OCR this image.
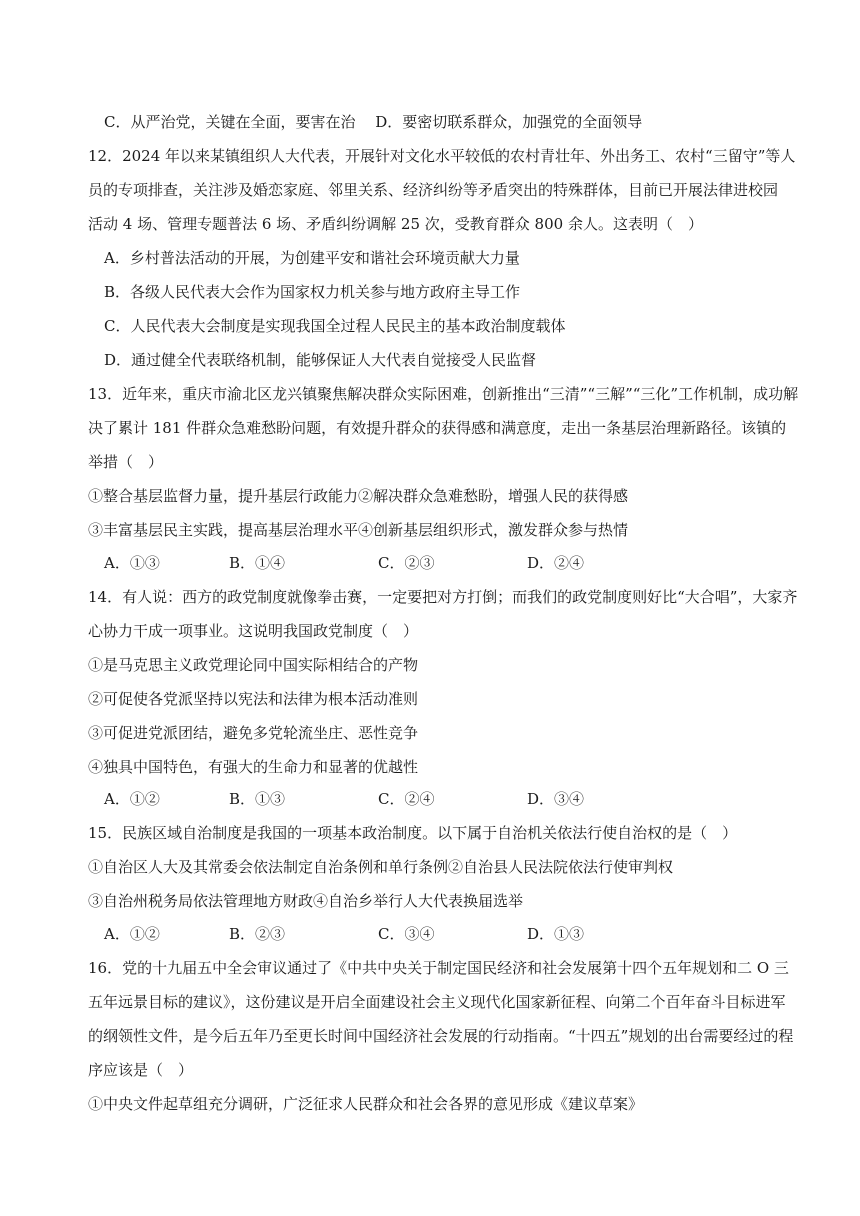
C．从严治党，关键在全面，要害在治　 D．要密切联系群众，加强党的全面领导
12．2024 年以来某镇组织人大代表，开展针对文化水平较低的农村青壮年、外出务工、农村“三留守”等人
员的专项排查，关注涉及婚恋家庭、邻里关系、经济纠纷等矛盾突出的特殊群体，目前已开展法律进校园
活动 4 场、管理专题普法 6 场、矛盾纠纷调解 25 次，受教育群众 800 余人。这表明（　）
A．乡村普法活动的开展，为创建平安和谐社会环境贡献大力量
B．各级人民代表大会作为国家权力机关参与地方政府主导工作
C．人民代表大会制度是实现我国全过程人民民主的基本政治制度载体
D．通过健全代表联络机制，能够保证人大代表自觉接受人民监督
13．近年来，重庆市渝北区龙兴镇聚焦解决群众实际困难，创新推出“三清”“三解”“三化”工作机制，成功解
决了累计 181 件群众急难愁盼问题，有效提升群众的获得感和满意度，走出一条基层治理新路径。该镇的
举措（　）
①整合基层监督力量，提升基层行政能力②解决群众急难愁盼，增强人民的获得感
③丰富基层民主实践，提高基层治理水平④创新基层组织形式，激发群众参与热情
A．①③	B．①④	C．②③	D．②④
14．有人说：西方的政党制度就像拳击赛，一定要把对方打倒；而我们的政党制度则好比“大合唱”，大家齐
心协力干成一项事业。这说明我国政党制度（　）
①是马克思主义政党理论同中国实际相结合的产物
②可促使各党派坚持以宪法和法律为根本活动准则
③可促进党派团结，避免多党轮流坐庄、恶性竞争
④独具中国特色，有强大的生命力和显著的优越性
A．①②	B．①③	C．②④	D．③④
15．民族区域自治制度是我国的一项基本政治制度。以下属于自治机关依法行使自治权的是（　）
①自治区人大及其常委会依法制定自治条例和单行条例②自治县人民法院依法行使审判权
③自治州税务局依法管理地方财政④自治乡举行人大代表换届选举
A．①②	B．②③	C．③④	D．①③
16．党的十九届五中全会审议通过了《中共中央关于制定国民经济和社会发展第十四个五年规划和二 O 三
五年远景目标的建议》，这份建议是开启全面建设社会主义现代化国家新征程、向第二个百年奋斗目标进军
的纲领性文件，是今后五年乃至更长时间中国经济社会发展的行动指南。“十四五”规划的出台需要经过的程
序应该是（　）
①中央文件起草组充分调研，广泛征求人民群众和社会各界的意见形成《建议草案》
